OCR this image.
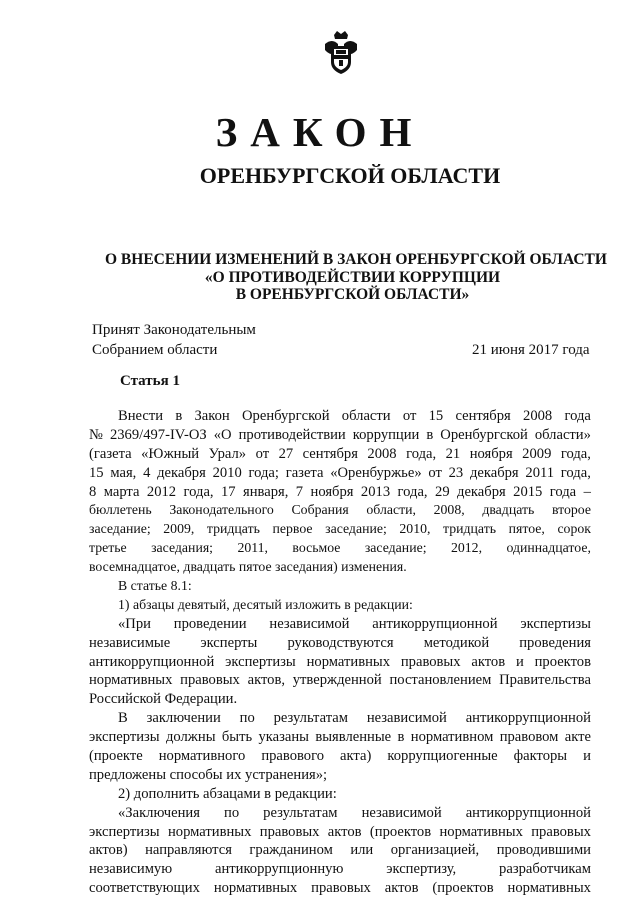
ЗАКОН
ОРЕНБУРГСКОЙ ОБЛАСТИ
О ВНЕСЕНИИ ИЗМЕНЕНИЙ В ЗАКОН ОРЕНБУРГСКОЙ ОБЛАСТИ
«О ПРОТИВОДЕЙСТВИИ КОРРУПЦИИ
В ОРЕНБУРГСКОЙ ОБЛАСТИ»
Принят Законодательным
Собранием области	21 июня 2017 года
Статья 1
Внести в Закон Оренбургской области от 15 сентября 2008 года
№ 2369/497-IV-ОЗ «О противодействии коррупции в Оренбургской области»
(газета «Южный Урал» от 27 сентября 2008 года, 21 ноября 2009 года,
15 мая, 4 декабря 2010 года; газета «Оренбуржье» от 23 декабря 2011 года,
8 марта 2012 года, 17 января, 7 ноября 2013 года, 29 декабря 2015 года –
бюллетень Законодательного Собрания области, 2008, двадцать второе
заседание; 2009, тридцать первое заседание; 2010, тридцать пятое, сорок
третье заседания; 2011, восьмое заседание; 2012, одиннадцатое,
восемнадцатое, двадцать пятое заседания) изменения.
В статье 8.1:
1) абзацы девятый, десятый изложить в редакции:
«При проведении независимой антикоррупционной экспертизы
независимые эксперты руководствуются методикой проведения
антикоррупционной экспертизы нормативных правовых актов и проектов
нормативных правовых актов, утвержденной постановлением Правительства
Российской Федерации.
В заключении по результатам независимой антикоррупционной
экспертизы должны быть указаны выявленные в нормативном правовом акте
(проекте нормативного правового акта) коррупциогенные факторы и
предложены способы их устранения»;
2) дополнить абзацами в редакции:
«Заключения по результатам независимой антикоррупционной
экспертизы нормативных правовых актов (проектов нормативных правовых
актов) направляются гражданином или организацией, проводившими
независимую	антикоррупционную	экспертизу,	разработчикам
соответствующих нормативных правовых актов (проектов нормативных
